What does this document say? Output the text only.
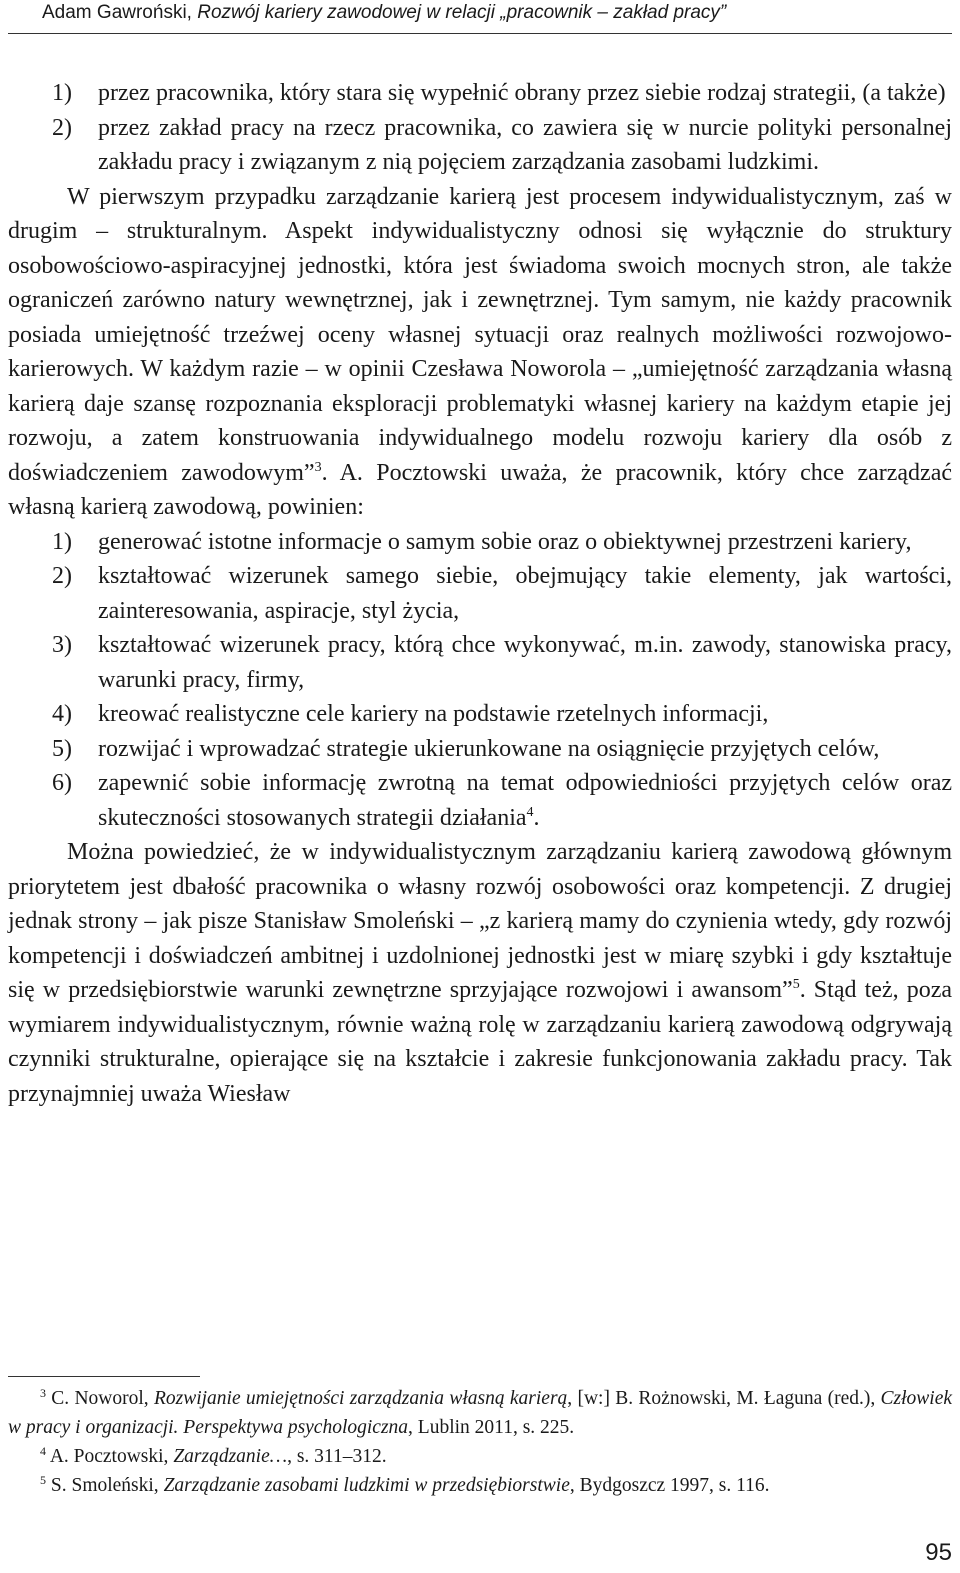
Adam Gawroński, Rozwój kariery zawodowej w relacji „pracownik – zakład pracy”
1)	przez pracownika, który stara się wypełnić obrany przez siebie rodzaj strategii, (a także)
2)	przez zakład pracy na rzecz pracownika, co zawiera się w nurcie polityki personalnej zakładu pracy i związanym z nią pojęciem zarządzania zasobami ludzkimi.
W pierwszym przypadku zarządzanie karierą jest procesem indywidualistycznym, zaś w drugim – strukturalnym. Aspekt indywidualistyczny odnosi się wyłącznie do struktury osobowościowo-aspiracyjnej jednostki, która jest świadoma swoich mocnych stron, ale także ograniczeń zarówno natury wewnętrznej, jak i zewnętrznej. Tym samym, nie każdy pracownik posiada umiejętność trzeźwej oceny własnej sytuacji oraz realnych możliwości rozwojowo-karierowych. W każdym razie – w opinii Czesława Noworola – „umiejętność zarządzania własną karierą daje szansę rozpoznania eksploracji problematyki własnej kariery na każdym etapie jej rozwoju, a zatem konstruowania indywidualnego modelu rozwoju kariery dla osób z doświadczeniem zawodowym”$^3$. A. Pocztowski uważa, że pracownik, który chce zarządzać własną karierą zawodową, powinien:
1)	generować istotne informacje o samym sobie oraz o obiektywnej przestrzeni kariery,
2)	kształtować wizerunek samego siebie, obejmujący takie elementy, jak wartości, zainteresowania, aspiracje, styl życia,
3)	kształtować wizerunek pracy, którą chce wykonywać, m.in. zawody, stanowiska pracy, warunki pracy, firmy,
4)	kreować realistyczne cele kariery na podstawie rzetelnych informacji,
5)	rozwijać i wprowadzać strategie ukierunkowane na osiągnięcie przyjętych celów,
6)	zapewnić sobie informację zwrotną na temat odpowiedniości przyjętych celów oraz skuteczności stosowanych strategii działania$^4$.
Można powiedzieć, że w indywidualistycznym zarządzaniu karierą zawodową głównym priorytetem jest dbałość pracownika o własny rozwój osobowości oraz kompetencji. Z drugiej jednak strony – jak pisze Stanisław Smoleński – „z karierą mamy do czynienia wtedy, gdy rozwój kompetencji i doświadczeń ambitnej i uzdolnionej jednostki jest w miarę szybki i gdy kształtuje się w przedsiębiorstwie warunki zewnętrzne sprzyjające rozwojowi i awansom”$^5$. Stąd też, poza wymiarem indywidualistycznym, równie ważną rolę w zarządzaniu karierą zawodową odgrywają czynniki strukturalne, opierające się na kształcie i zakresie funkcjonowania zakładu pracy. Tak przynajmniej uważa Wiesław
$^3$ C. Noworol, Rozwijanie umiejętności zarządzania własną karierą, [w:] B. Rożnowski, M. Łaguna (red.), Człowiek w pracy i organizacji. Perspektywa psychologiczna, Lublin 2011, s. 225.
$^4$ A. Pocztowski, Zarządzanie…, s. 311–312.
$^5$ S. Smoleński, Zarządzanie zasobami ludzkimi w przedsiębiorstwie, Bydgoszcz 1997, s. 116.
95
